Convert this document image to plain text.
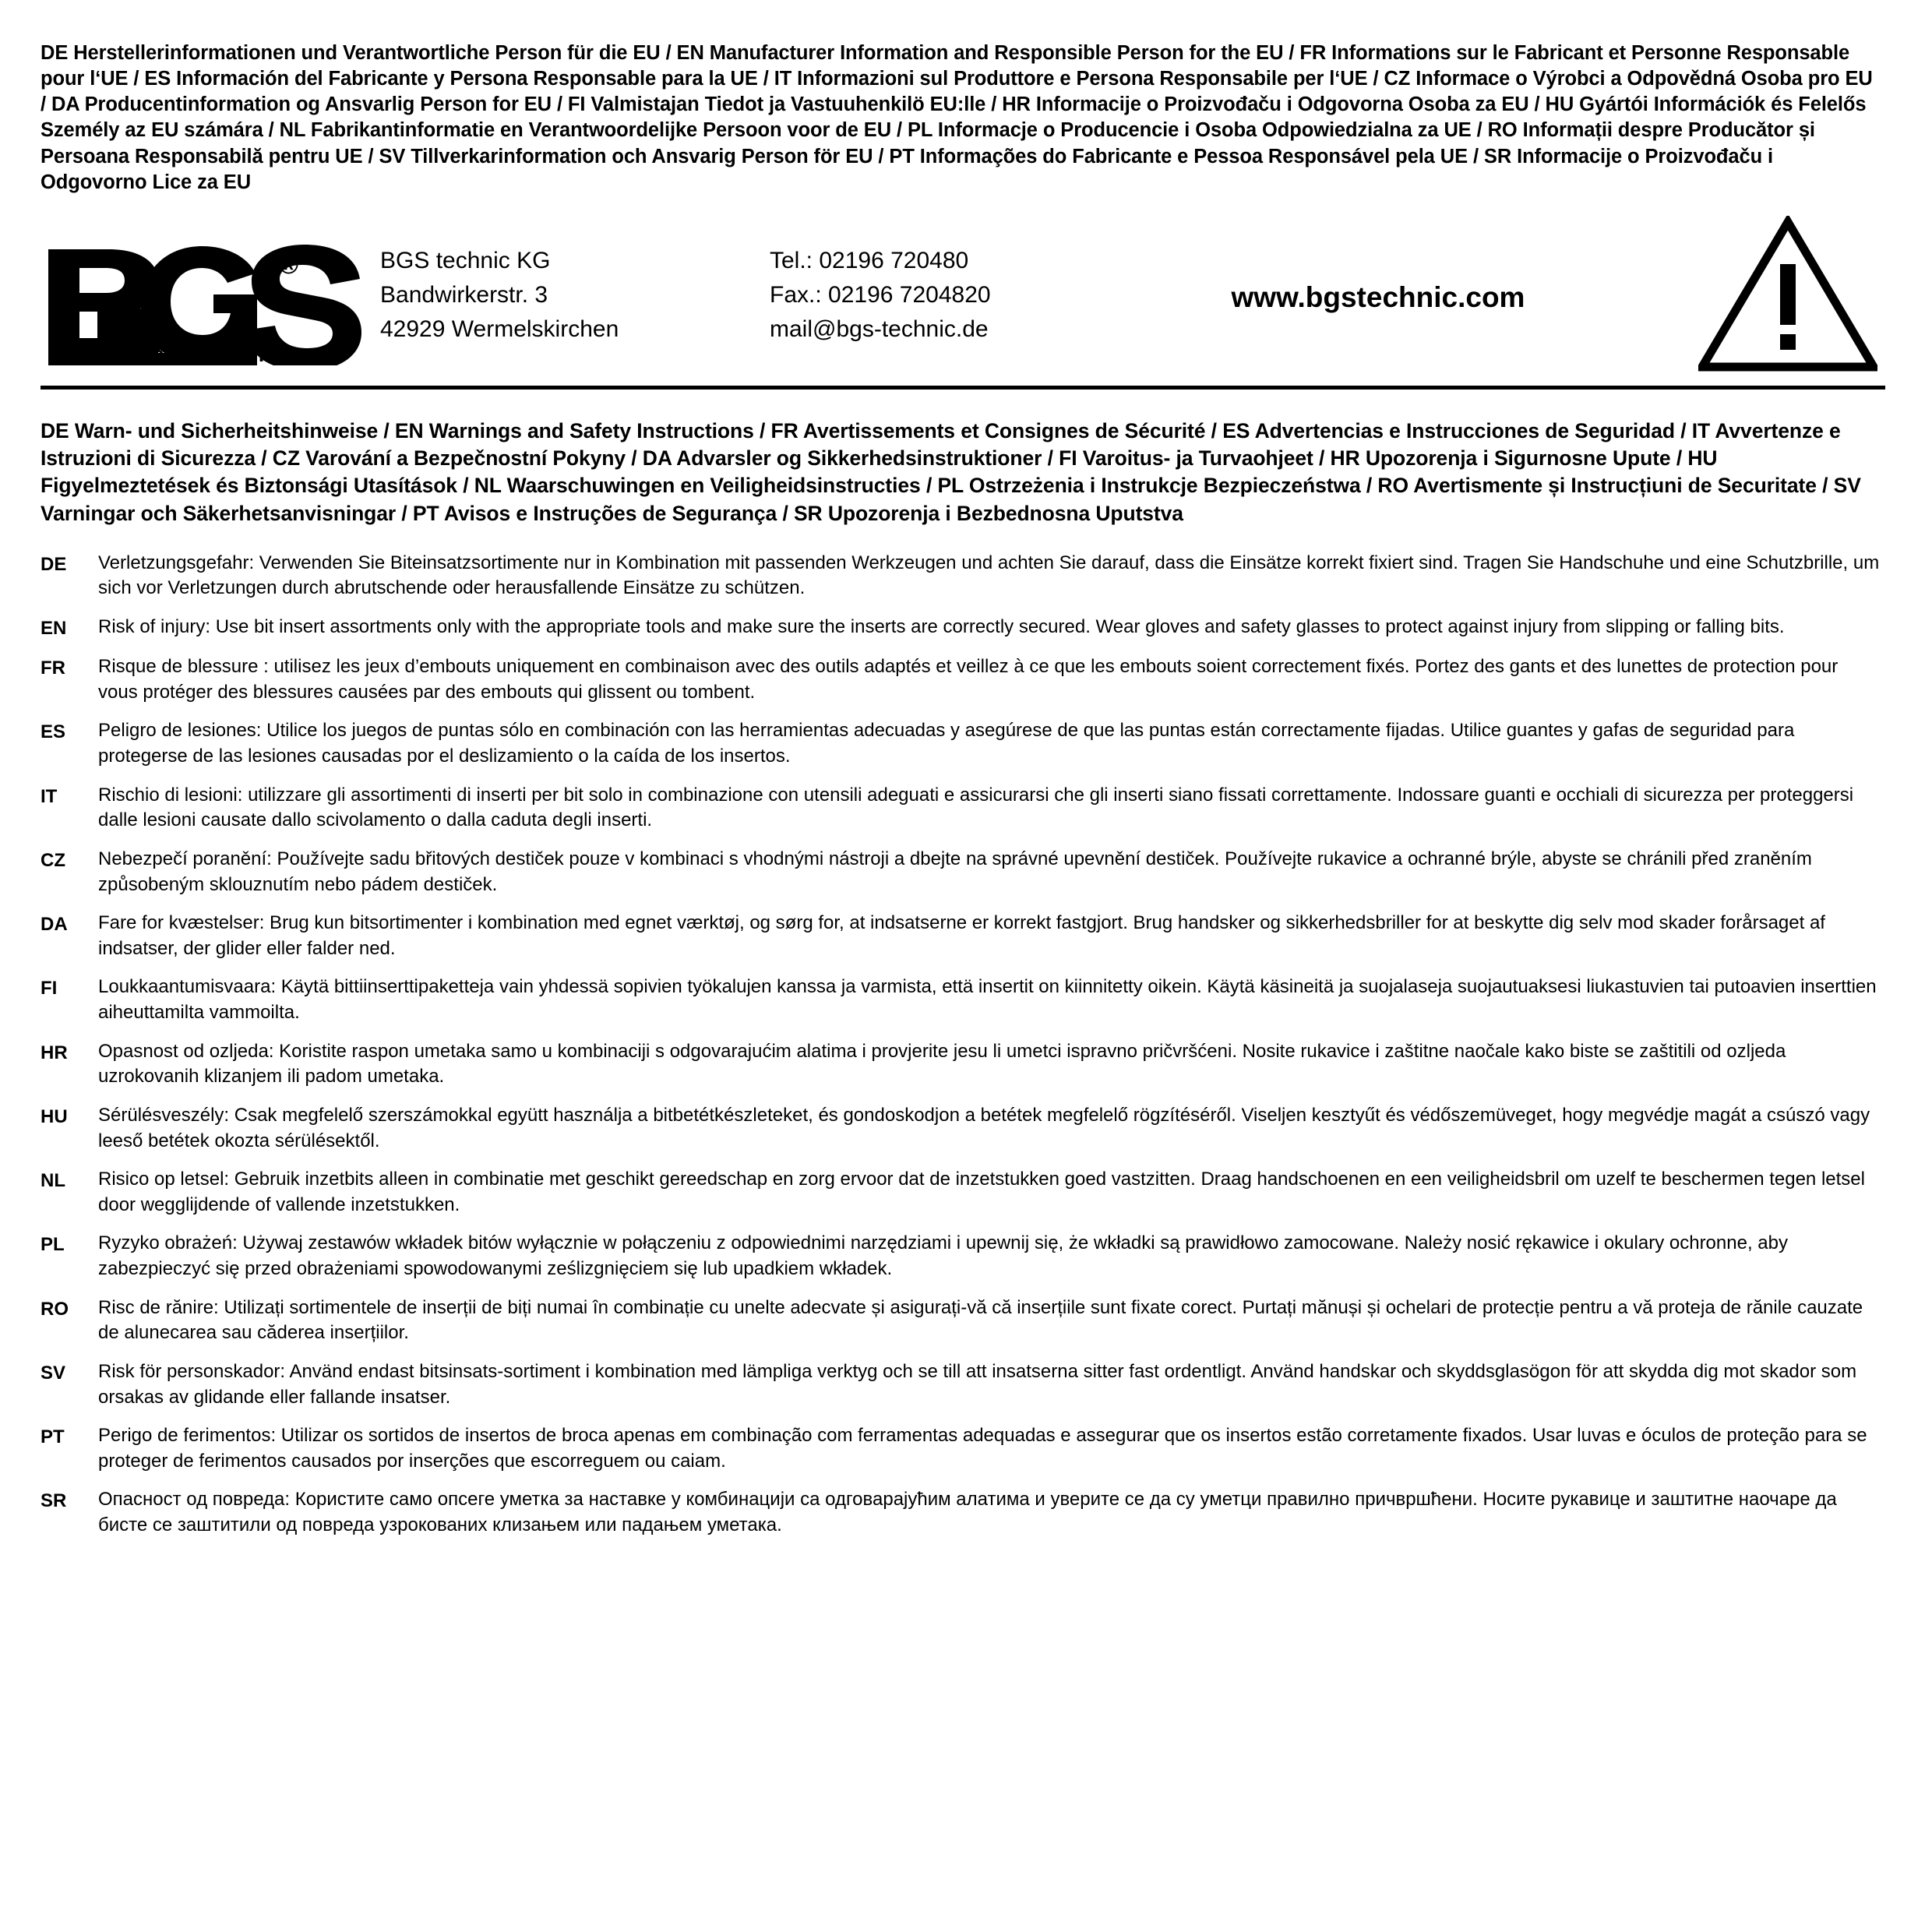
DE Herstellerinformationen und Verantwortliche Person für die EU / EN Manufacturer Information and Responsible Person for the EU / FR Informations sur le Fabricant et Personne Responsable pour l‘UE / ES Información del Fabricante y Persona Responsable para la UE / IT Informazioni sul Produttore e Persona Responsabile per l‘UE / CZ Informace o Výrobci a Odpovědná Osoba pro EU / DA Producentinformation og Ansvarlig Person for EU / FI Valmistajan Tiedot ja Vastuuhenkilö EU:lle / HR Informacije o Proizvođaču i Odgovorna Osoba za EU / HU Gyártói Információk és Felelős Személy az EU számára / NL Fabrikantinformatie en Verantwoordelijke Persoon voor de EU / PL Informacje o Producencie i Osoba Odpowiedzialna za UE / RO Informații despre Producător și Persoana Responsabilă pentru UE / SV Tillverkarinformation och Ansvarig Person för EU / PT Informações do Fabricante e Pessoa Responsável pela UE / SR Informacije o Proizvođaču i Odgovorno Lice za EU
®
t e c h n i c
BGS technic KG
Bandwirkerstr. 3
42929 Wermelskirchen
Tel.: 02196 720480
Fax.: 02196 7204820
mail@bgs-technic.de
www.bgstechnic.com
DE Warn- und Sicherheitshinweise / EN Warnings and Safety Instructions / FR Avertissements et Consignes de Sécurité / ES Advertencias e Instrucciones de Seguridad / IT Avvertenze e Istruzioni di Sicurezza / CZ Varování a Bezpečnostní Pokyny / DA Advarsler og Sikkerhedsinstruktioner / FI Varoitus- ja Turvaohjeet / HR Upozorenja i Sigurnosne Upute / HU Figyelmeztetések és Biztonsági Utasítások / NL Waarschuwingen en Veiligheidsinstructies / PL Ostrzeżenia i Instrukcje Bezpieczeństwa / RO Avertismente și Instrucțiuni de Securitate / SV Varningar och Säkerhetsanvisningar / PT Avisos e Instruções de Segurança / SR Upozorenja i Bezbednosna Uputstva
DE	Verletzungsgefahr: Verwenden Sie Biteinsatzsortimente nur in Kombination mit passenden Werkzeugen und achten Sie darauf, dass die Einsätze korrekt fixiert sind. Tragen Sie Handschuhe und eine Schutzbrille, um sich vor Verletzungen durch abrutschende oder herausfallende Einsätze zu schützen.
EN	Risk of injury: Use bit insert assortments only with the appropriate tools and make sure the inserts are correctly secured. Wear gloves and safety glasses to protect against injury from slipping or falling bits.
FR	Risque de blessure : utilisez les jeux d’embouts uniquement en combinaison avec des outils adaptés et veillez à ce que les embouts soient correctement fixés. Portez des gants et des lunettes de protection pour vous protéger des blessures causées par des embouts qui glissent ou tombent.
ES	Peligro de lesiones: Utilice los juegos de puntas sólo en combinación con las herramientas adecuadas y asegúrese de que las puntas están correctamente fijadas. Utilice guantes y gafas de seguridad para protegerse de las lesiones causadas por el deslizamiento o la caída de los insertos.
IT	Rischio di lesioni: utilizzare gli assortimenti di inserti per bit solo in combinazione con utensili adeguati e assicurarsi che gli inserti siano fissati correttamente. Indossare guanti e occhiali di sicurezza per proteggersi dalle lesioni causate dallo scivolamento o dalla caduta degli inserti.
CZ	Nebezpečí poranění: Používejte sadu břitových destiček pouze v kombinaci s vhodnými nástroji a dbejte na správné upevnění destiček. Používejte rukavice a ochranné brýle, abyste se chránili před zraněním způsobeným sklouznutím nebo pádem destiček.
DA	Fare for kvæstelser: Brug kun bitsortimenter i kombination med egnet værktøj, og sørg for, at indsatserne er korrekt fastgjort. Brug handsker og sikkerhedsbriller for at beskytte dig selv mod skader forårsaget af indsatser, der glider eller falder ned.
FI	Loukkaantumisvaara: Käytä bittiinserttipaketteja vain yhdessä sopivien työkalujen kanssa ja varmista, että insertit on kiinnitetty oikein. Käytä käsineitä ja suojalaseja suojautuaksesi liukastuvien tai putoavien inserttien aiheuttamilta vammoilta.
HR	Opasnost od ozljeda: Koristite raspon umetaka samo u kombinaciji s odgovarajućim alatima i provjerite jesu li umetci ispravno pričvršćeni. Nosite rukavice i zaštitne naočale kako biste se zaštitili od ozljeda uzrokovanih klizanjem ili padom umetaka.
HU	Sérülésveszély: Csak megfelelő szerszámokkal együtt használja a bitbetétkészleteket, és gondoskodjon a betétek megfelelő rögzítéséről. Viseljen kesztyűt és védőszemüveget, hogy megvédje magát a csúszó vagy leeső betétek okozta sérülésektől.
NL	Risico op letsel: Gebruik inzetbits alleen in combinatie met geschikt gereedschap en zorg ervoor dat de inzetstukken goed vastzitten. Draag handschoenen en een veiligheidsbril om uzelf te beschermen tegen letsel door wegglijdende of vallende inzetstukken.
PL	Ryzyko obrażeń: Używaj zestawów wkładek bitów wyłącznie w połączeniu z odpowiednimi narzędziami i upewnij się, że wkładki są prawidłowo zamocowane. Należy nosić rękawice i okulary ochronne, aby zabezpieczyć się przed obrażeniami spowodowanymi ześlizgnięciem się lub upadkiem wkładek.
RO	Risc de rănire: Utilizați sortimentele de inserții de biți numai în combinație cu unelte adecvate și asigurați-vă că inserțiile sunt fixate corect. Purtați mănuși și ochelari de protecție pentru a vă proteja de rănile cauzate de alunecarea sau căderea inserțiilor.
SV	Risk för personskador: Använd endast bitsinsats-sortiment i kombination med lämpliga verktyg och se till att insatserna sitter fast ordentligt. Använd handskar och skyddsglasögon för att skydda dig mot skador som orsakas av glidande eller fallande insatser.
PT	Perigo de ferimentos: Utilizar os sortidos de insertos de broca apenas em combinação com ferramentas adequadas e assegurar que os insertos estão corretamente fixados. Usar luvas e óculos de proteção para se proteger de ferimentos causados por inserções que escorreguem ou caiam.
SR	Опасност од повреда: Користите само опсеге уметка за наставке у комбинацији са одговарајућим алатима и уверите се да су уметци правилно причвршћени. Носите рукавице и заштитне наочаре да бисте се заштитили од повреда узрокованих клизањем или падањем уметака.
